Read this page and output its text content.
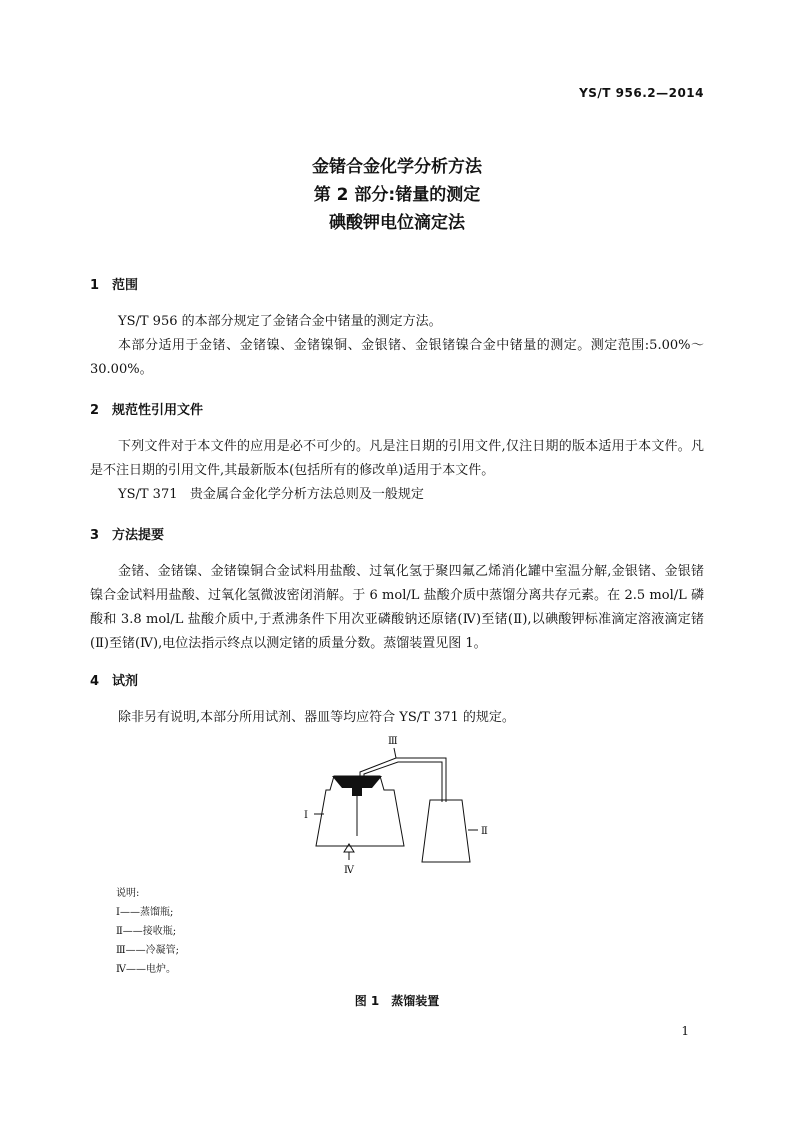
YS/T 956.2—2014
金锗合金化学分析方法
第 2 部分:锗量的测定
碘酸钾电位滴定法
1 范围

YS/T 956 的本部分规定了金锗合金中锗量的测定方法。

本部分适用于金锗、金锗镍、金锗镍铜、金银锗、金银锗镍合金中锗量的测定。测定范围:5.00%～30.00%。

2 规范性引用文件

下列文件对于本文件的应用是必不可少的。凡是注日期的引用文件,仅注日期的版本适用于本文件。凡是不注日期的引用文件,其最新版本(包括所有的修改单)适用于本文件。

YS/T 371 贵金属合金化学分析方法总则及一般规定
3 方法提要

金锗、金锗镍、金锗镍铜合金试料用盐酸、过氧化氢于聚四氟乙烯消化罐中室温分解,金银锗、金银锗镍合金试料用盐酸、过氧化氢微波密闭消解。于 6 mol/L 盐酸介质中蒸馏分离共存元素。在 2.5 mol/L 磷酸和 3.8 mol/L 盐酸介质中,于煮沸条件下用次亚磷酸钠还原锗(Ⅳ)至锗(Ⅱ),以碘酸钾标准滴定溶液滴定锗(Ⅱ)至锗(Ⅳ),电位法指示终点以测定锗的质量分数。蒸馏装置见图 1。

4 试剂

除非另有说明,本部分所用试剂、器皿等均应符合 YS/T 371 的规定。

I
Ⅱ
Ⅲ
Ⅳ
说明:
Ⅰ——蒸馏瓶;
Ⅱ——接收瓶;
Ⅲ——冷凝管;
Ⅳ——电炉。
图 1　蒸馏装置
1
